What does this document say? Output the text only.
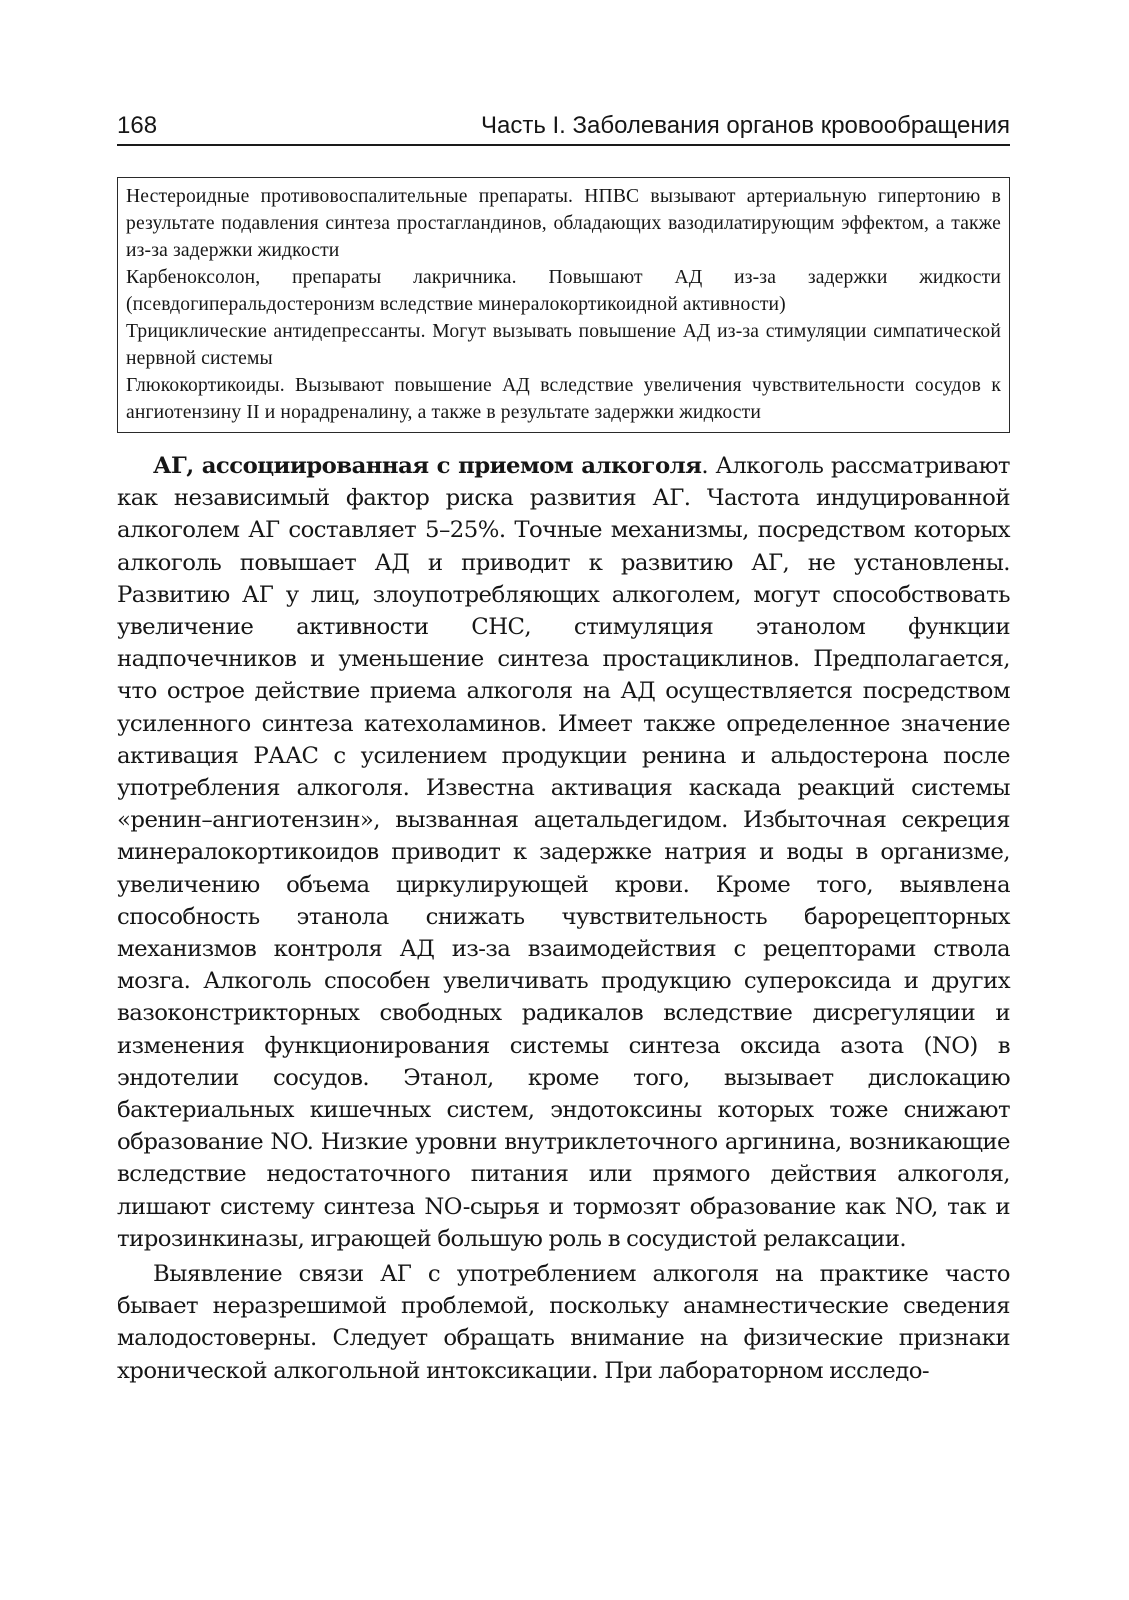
168	Часть I. Заболевания органов кровообращения
Нестероидные противовоспалительные препараты. НПВС вызывают артериальную гипертонию в результате подавления синтеза простагландинов, обладающих вазодилатирующим эффектом, а также из-за задержки жидкости
Карбеноксолон, препараты лакричника. Повышают АД из-за задержки жидкости (псевдогиперальдостеронизм вследствие минералокортикоидной активности)
Трициклические антидепрессанты. Могут вызывать повышение АД из-за стимуляции симпатической нервной системы
Глюкокортикоиды. Вызывают повышение АД вследствие увеличения чувствительности сосудов к ангиотензину II и норадреналину, а также в результате задержки жидкости

АГ, ассоциированная с приемом алкоголя. Алкоголь рассматривают как независимый фактор риска развития АГ. Частота индуцированной алкоголем АГ составляет 5–25%. Точные механизмы, посредством которых алкоголь повышает АД и приводит к развитию АГ, не установлены. Развитию АГ у лиц, злоупотребляющих алкоголем, могут способствовать увеличение активности СНС, стимуляция этанолом функции надпочечников и уменьшение синтеза простациклинов. Предполагается, что острое действие приема алкоголя на АД осуществляется посредством усиленного синтеза катехоламинов. Имеет также определенное значение активация РААС с усилением продукции ренина и альдостерона после употребления алкоголя. Известна активация каскада реакций системы «ренин–ангиотензин», вызванная ацетальдегидом. Избыточная секреция минералокортикоидов приводит к задержке натрия и воды в организме, увеличению объема циркулирующей крови. Кроме того, выявлена способность этанола снижать чувствительность барорецепторных механизмов контроля АД из-за взаимодействия с рецепторами ствола мозга. Алкоголь способен увеличивать продукцию супероксида и других вазоконстрикторных свободных радикалов вследствие дисрегуляции и изменения функционирования системы синтеза оксида азота (NO) в эндотелии сосудов. Этанол, кроме того, вызывает дислокацию бактериальных кишечных систем, эндотоксины которых тоже снижают образование NO. Низкие уровни внутриклеточного аргинина, возникающие вследствие недостаточного питания или прямого действия алкоголя, лишают систему синтеза NO-сырья и тормозят образование как NO, так и тирозинкиназы, играющей большую роль в сосудистой релаксации.

Выявление связи АГ с употреблением алкоголя на практике часто бывает неразрешимой проблемой, поскольку анамнестические сведения малодостоверны. Следует обращать внимание на физические признаки хронической алкогольной интоксикации. При лабораторном исследо-
